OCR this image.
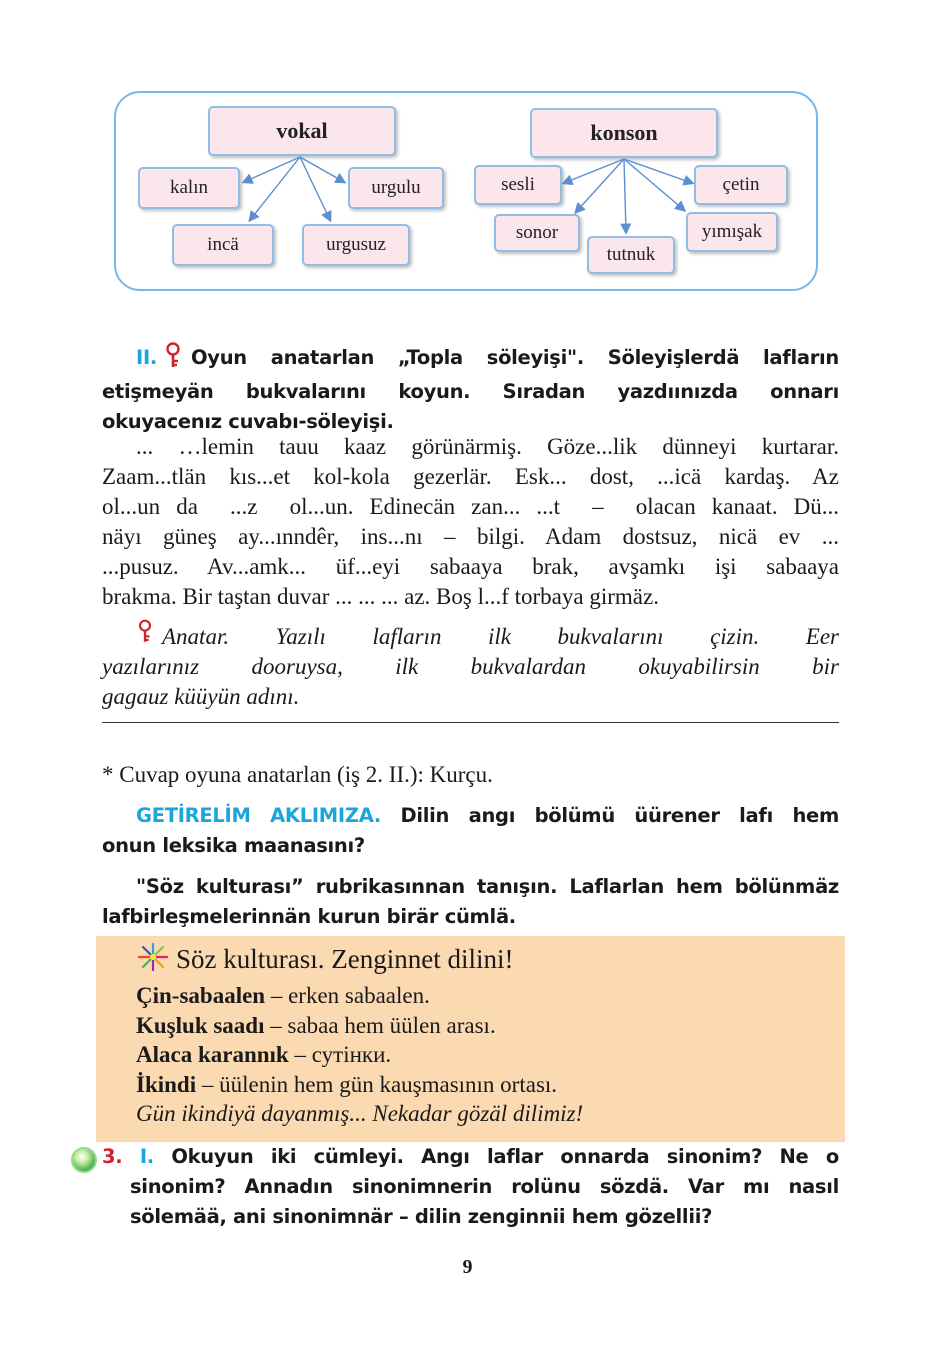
vokal
kalın	urgulu
incä	urgusuz
konson
sesli	çetin
sonor
tutnuk
yımışak
II. Oyun anatarlan „Topla söleyişi". Söleyişlerdä lafların
etişmeyän bukvalarını koyun. Sıradan yazdıınızda onnarı
okuyacenız cuvabı-söleyişi.
... …lemin tauu kaaz görünärmiş. Göze...lik dünneyi kurtarar.
Zaam...tlän kıs...et kol-kola gezerlär. Esk... dost, ...icä kardaş. Az
ol...un da  ...z  ol...un. Edinecän zan... ...t  –  olacan kanaat. Dü...
näyı güneş ay...ınndêr, ins...nı – bilgi. Adam dostsuz, nicä ev ...
...pusuz. Av...amk... üf...eyi sabaaya brak, avşamkı işi sabaaya
brakma. Bir taştan duvar ... ... ... az. Boş l...f torbaya girmäz.
Anatar. Yazılı lafların ilk bukvalarını çizin. Eer
yazılarınız dooruysa, ilk bukvalardan okuyabilirsin bir
gagauz küüyün adını.
* Cuvap oyuna anatarlan (iş 2. II.): Kurçu.
GETİRELİM AKLIMIZA. Dilin angı bölümü üürener lafı hem
onun leksika maanasını?
"Söz kulturası” rubrikasınnan tanışın. Laflarlan hem bölünmäz
lafbirleşmelerinnän kurun birär cümlä.
Söz kulturası. Zenginnet dilini!
Çin-sabaalen – erken sabaalen.
Kuşluk saadı – sabaa hem üülen arası.
Alaca karannık – сутінки.
İkindi – üülenin hem gün kauşmasının ortası.
Gün ikindiyä dayanmış... Nekadar gözäl dilimiz!
3. I. Okuyun iki cümleyi. Angı laflar onnarda sinonim? Ne o
sinonim? Annadın sinonimnerin rolünu sözdä. Var mı nasıl
sölemää, ani sinonimnär – dilin zenginnii hem gözellii?
9
